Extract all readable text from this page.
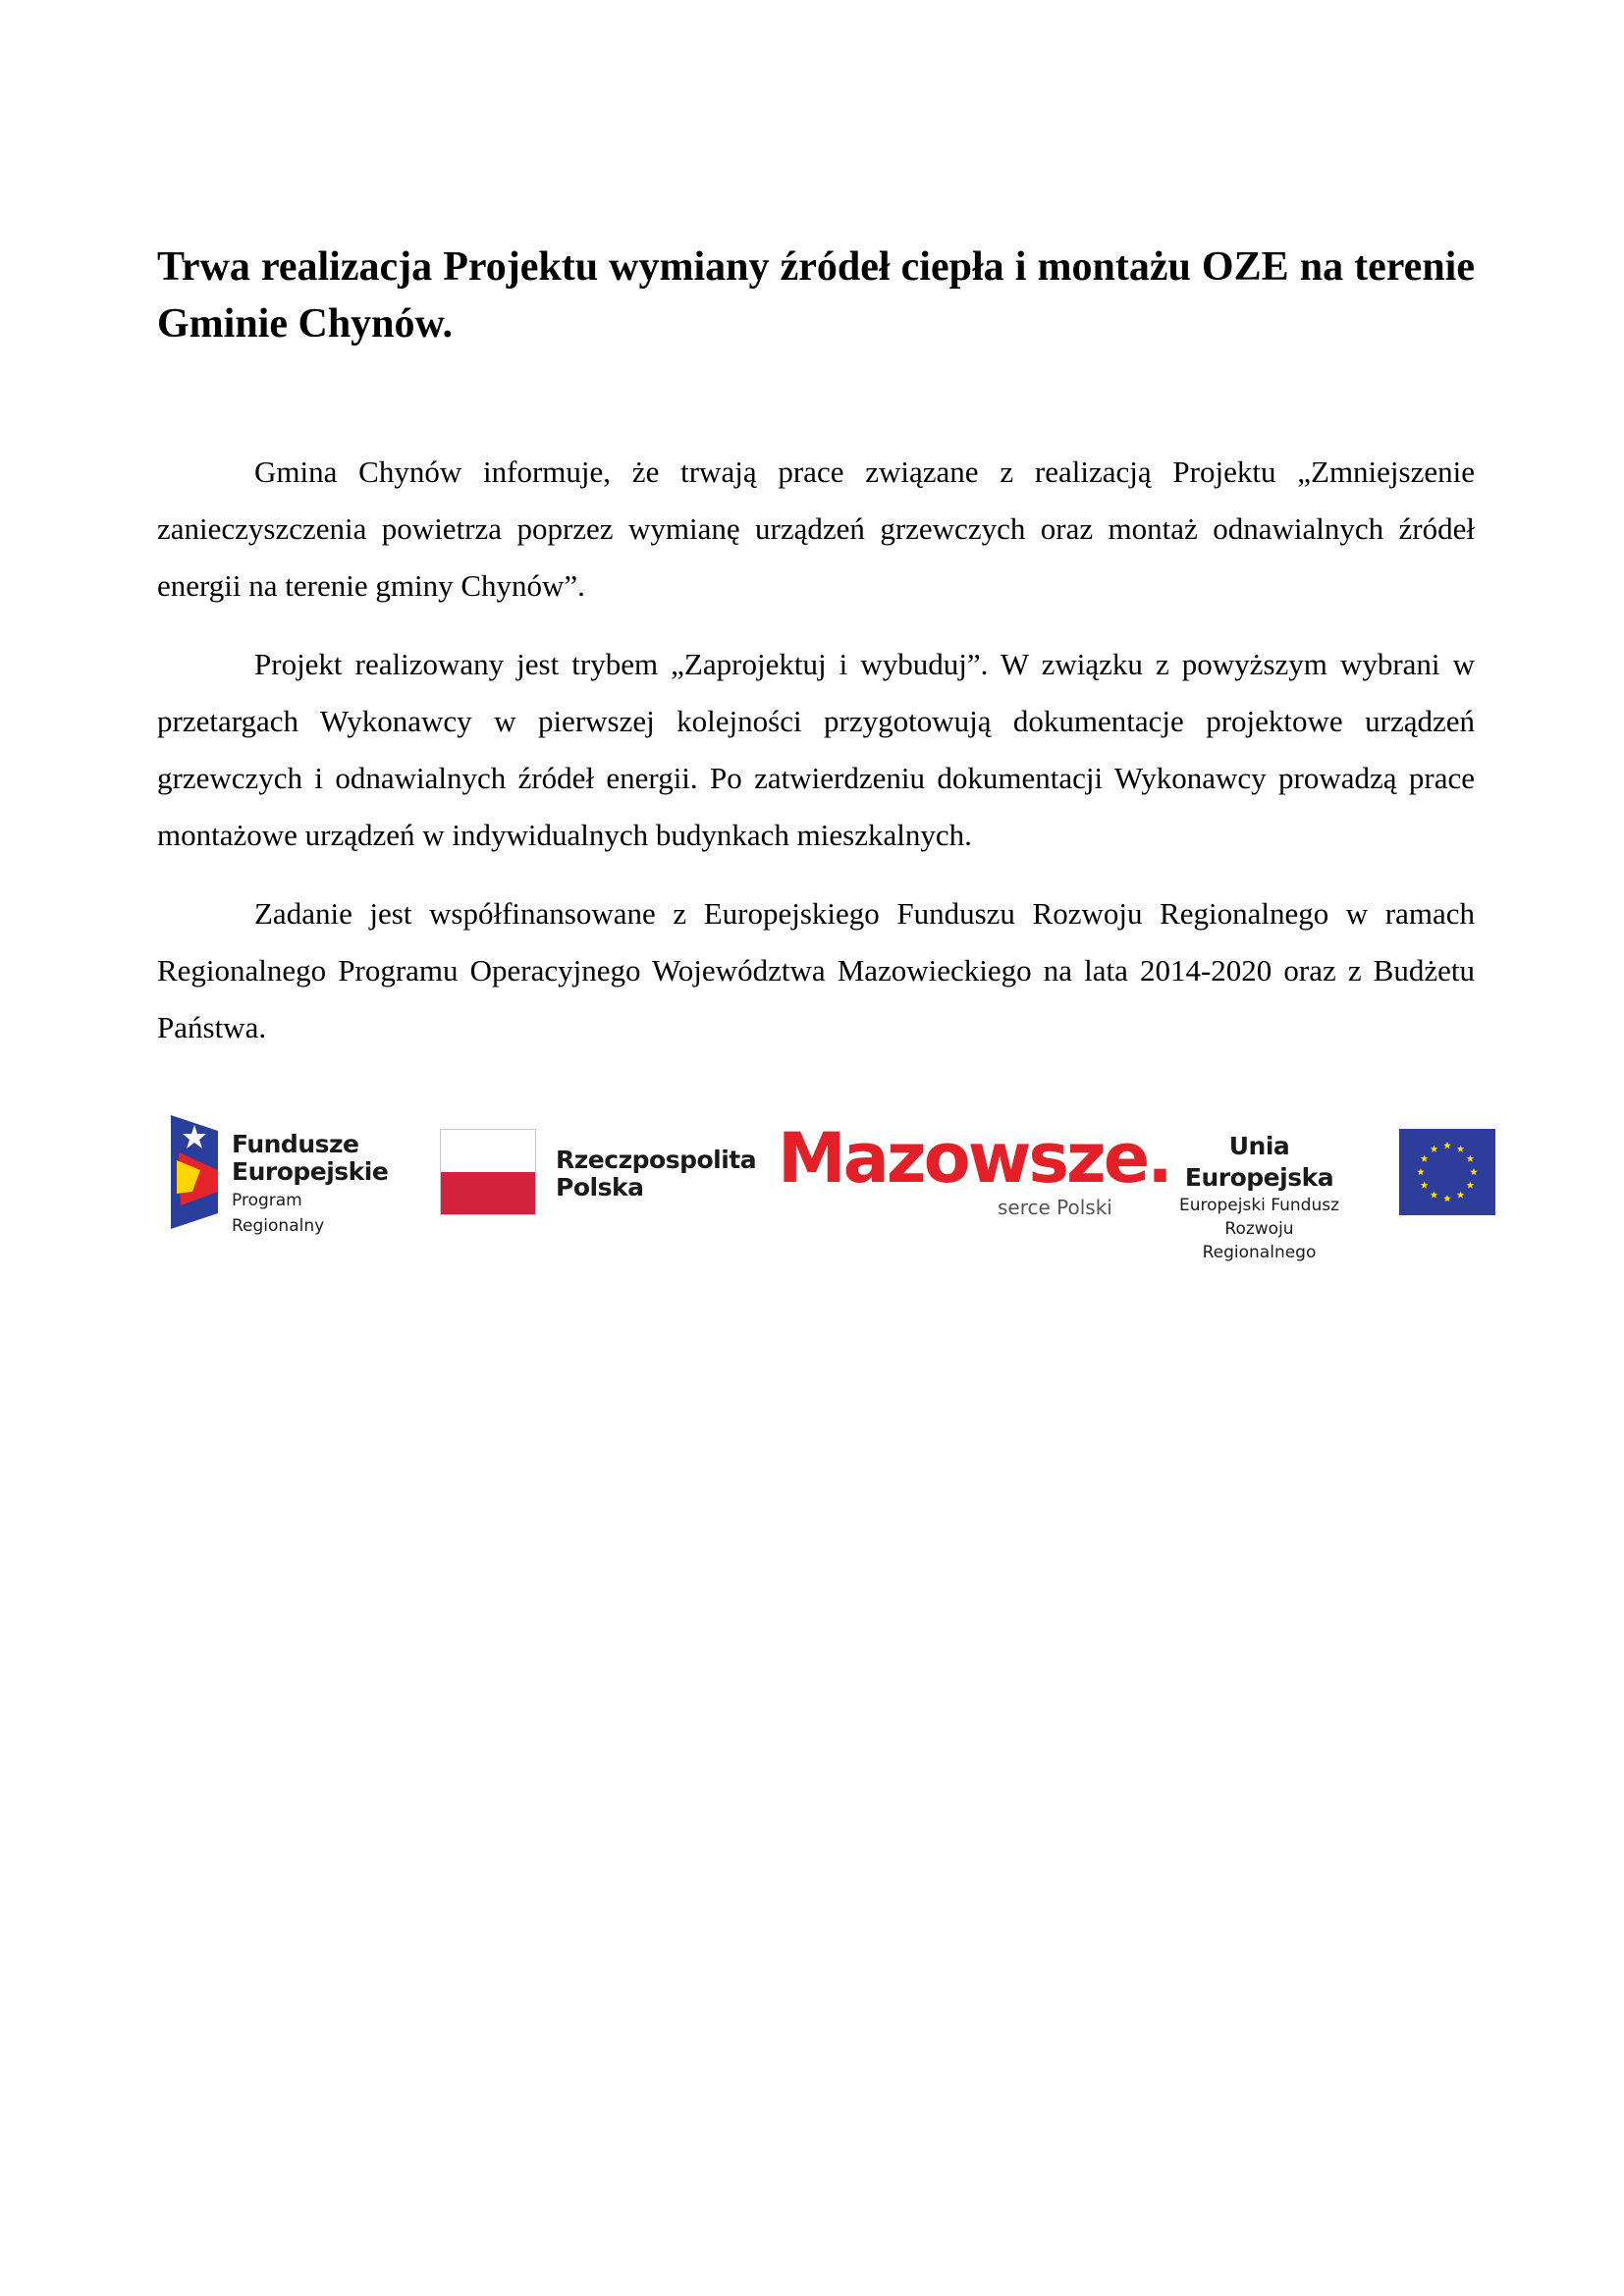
Trwa realizacja Projektu wymiany źródeł ciepła i montażu OZE na terenie Gminie Chynów.

Gmina Chynów informuje, że trwają prace związane z realizacją Projektu „Zmniejszenie zanieczyszczenia powietrza poprzez wymianę urządzeń grzewczych oraz montaż odnawialnych źródeł energii na terenie gminy Chynów”.

Projekt realizowany jest trybem „Zaprojektuj i wybuduj”. W związku z powyższym wybrani w przetargach Wykonawcy w pierwszej kolejności przygotowują dokumentacje projektowe urządzeń grzewczych i odnawialnych źródeł energii. Po zatwierdzeniu dokumentacji Wykonawcy prowadzą prace montażowe urządzeń w indywidualnych budynkach mieszkalnych.

Zadanie jest współfinansowane z Europejskiego Funduszu Rozwoju Regionalnego w ramach Regionalnego Programu Operacyjnego Województwa Mazowieckiego na lata 2014-2020 oraz z Budżetu Państwa.

Fundusze
Europejskie
Program Regionalny
Rzeczpospolita
Polska	Mazowsze.
serce Polski
Unia Europejska
Europejski Fundusz
Rozwoju Regionalnego
